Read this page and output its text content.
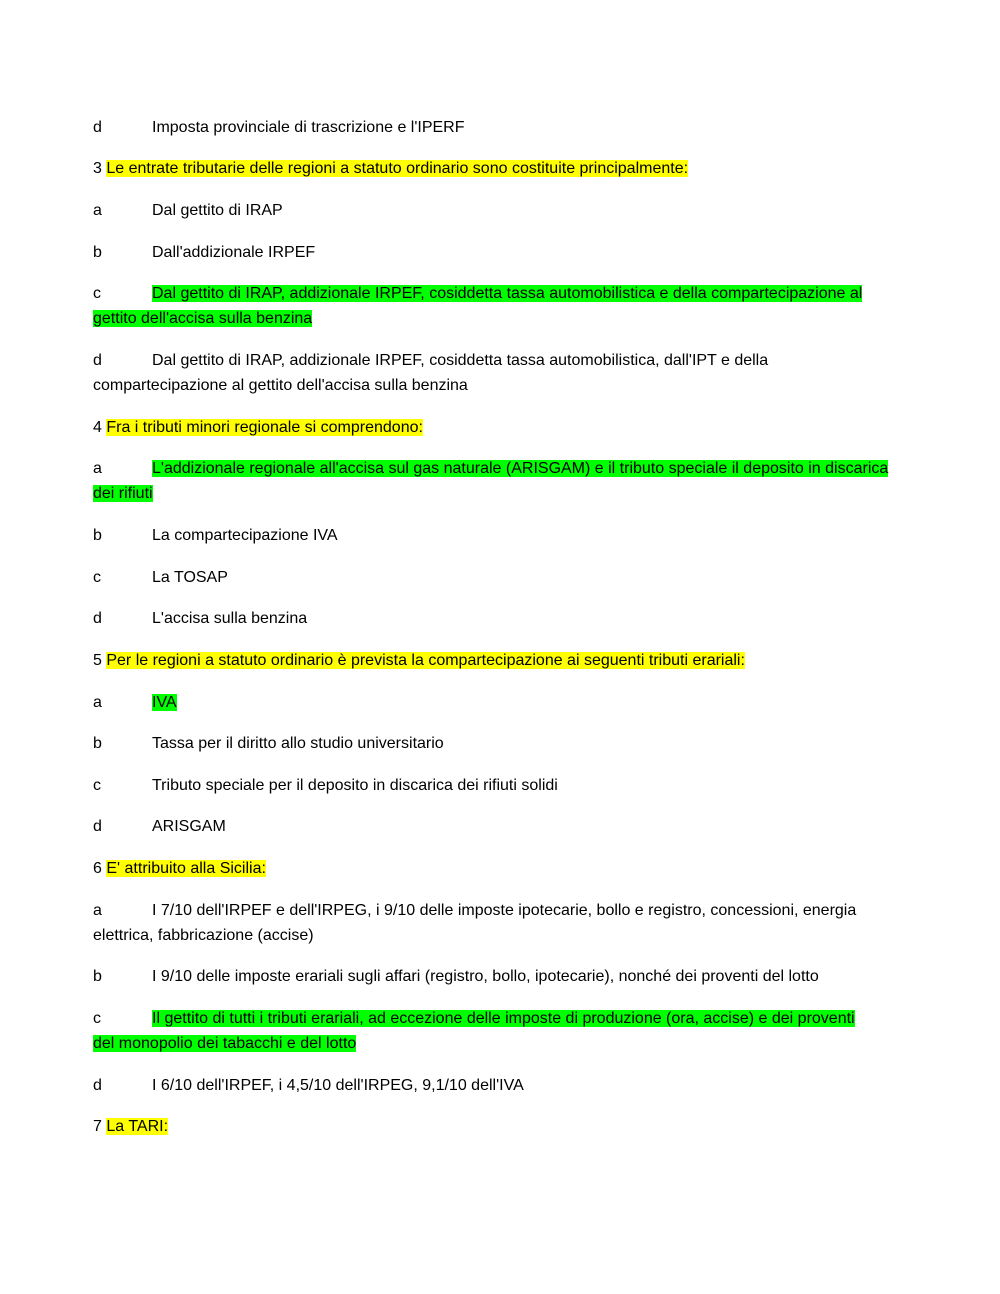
d	Imposta provinciale di trascrizione e l'IPERF

3 Le entrate tributarie delle regioni a statuto ordinario sono costituite principalmente:

a	Dal gettito di IRAP

b	Dall'addizionale IRPEF

c	Dal gettito di IRAP, addizionale IRPEF, cosiddetta tassa automobilistica e della compartecipazione al
gettito dell'accisa sulla benzina

d	Dal gettito di IRAP, addizionale IRPEF, cosiddetta tassa automobilistica, dall'IPT e della
compartecipazione al gettito dell'accisa sulla benzina

4 Fra i tributi minori regionale si comprendono:

a	L'addizionale regionale all'accisa sul gas naturale (ARISGAM) e il tributo speciale il deposito in discarica
dei rifiuti

b	La compartecipazione IVA

c	La TOSAP

d	L'accisa sulla benzina

5 Per le regioni a statuto ordinario è prevista la compartecipazione ai seguenti tributi erariali:

a	IVA

b	Tassa per il diritto allo studio universitario

c	Tributo speciale per il deposito in discarica dei rifiuti solidi

d	ARISGAM

6 E' attribuito alla Sicilia:

a	I 7/10 dell'IRPEF e dell'IRPEG, i 9/10 delle imposte ipotecarie, bollo e registro, concessioni, energia
elettrica, fabbricazione (accise)

b	I 9/10 delle imposte erariali sugli affari (registro, bollo, ipotecarie), nonché dei proventi del lotto

c	Il gettito di tutti i tributi erariali, ad eccezione delle imposte di produzione (ora, accise) e dei proventi
del monopolio dei tabacchi e del lotto

d	I 6/10 dell'IRPEF, i 4,5/10 dell'IRPEG, 9,1/10 dell'IVA

7 La TARI:
